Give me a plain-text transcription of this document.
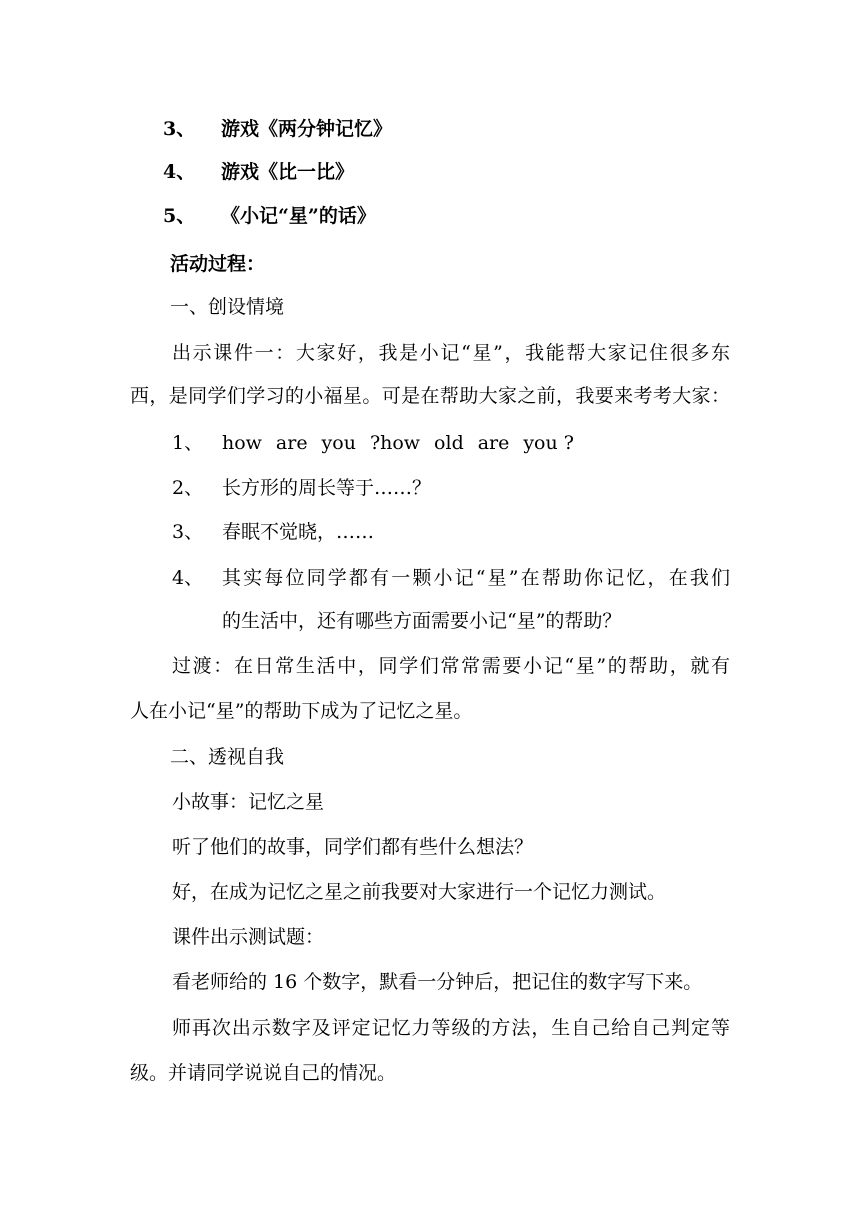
3、 游戏《两分钟记忆》
4、 游戏《比一比》
5、 《小记“星”的话》
活动过程：
一、创设情境
出示课件一：大家好，我是小记“星”，我能帮大家记住很多东
西，是同学们学习的小福星。可是在帮助大家之前，我要来考考大家：
1、 how are you ?how old are you ?
2、 长方形的周长等于……？
3、 春眠不觉晓，……
4、 其实每位同学都有一颗小记“星”在帮助你记忆，在我们
的生活中，还有哪些方面需要小记“星”的帮助？
过渡：在日常生活中，同学们常常需要小记“星”的帮助，就有
人在小记“星”的帮助下成为了记忆之星。
二、透视自我
小故事：记忆之星
听了他们的故事，同学们都有些什么想法？
好，在成为记忆之星之前我要对大家进行一个记忆力测试。
课件出示测试题：
看老师给的 16 个数字，默看一分钟后，把记住的数字写下来。
师再次出示数字及评定记忆力等级的方法，生自己给自己判定等
级。并请同学说说自己的情况。
